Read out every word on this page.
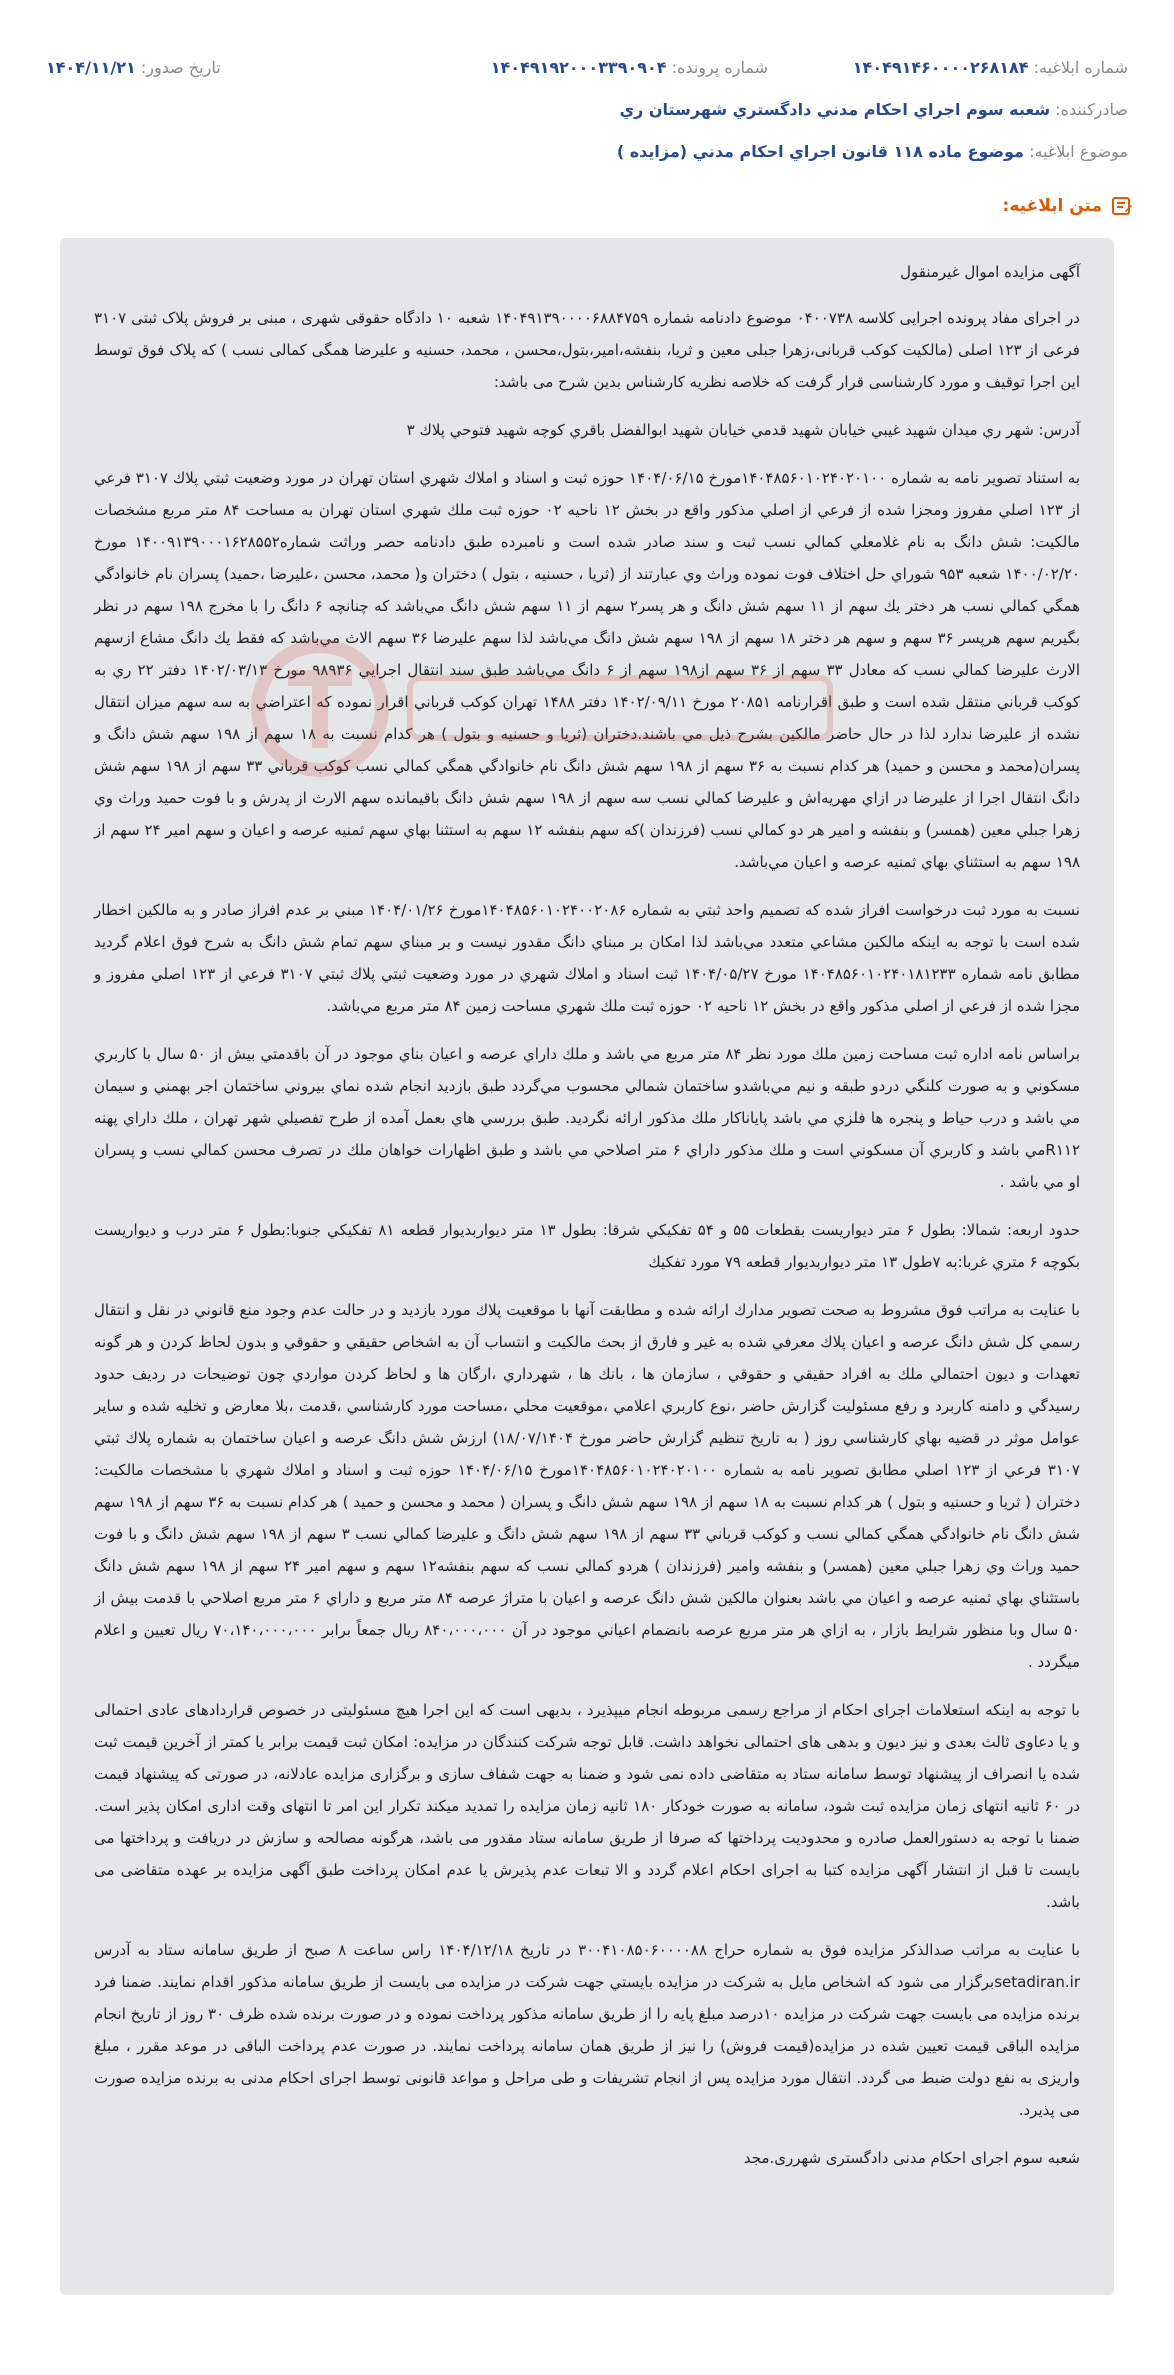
شماره ابلاغیه: ۱۴۰۴۹۱۴۶۰۰۰۰۲۶۸۱۸۴
شماره پرونده: ۱۴۰۴۹۱۹۲۰۰۰۳۳۹۰۹۰۴
تاریخ صدور: ۱۴۰۴/۱۱/۲۱
صادرکننده: شعبه سوم اجراي احكام مدني دادگستري شهرستان ري
موضوع ابلاغیه: موضوع ماده ۱۱۸ قانون اجراي احكام مدني (مزايده )
متن ابلاغیه:

آگهی مزایده اموال غیرمنقول

در اجرای مفاد پرونده اجرایی کلاسه ۰۴۰۰۷۳۸ موضوع دادنامه شماره ۱۴۰۴۹۱۳۹۰۰۰۰۶۸۸۴۷۵۹ شعبه ۱۰ دادگاه حقوقی شهری ، مبنی بر فروش پلاک ثبتی ۳۱۰۷ فرعی از ۱۲۳ اصلی (مالکیت کوکب قربانی،زهرا جبلی معین و ثریا، بنفشه،امیر،بتول،محسن ، محمد، حسنیه و علیرضا همگی کمالی نسب ) که پلاک فوق توسط این اجرا توقیف و مورد کارشناسی قرار گرفت که خلاصه نظریه کارشناس بدین شرح می باشد:

آدرس: شهر ري ميدان شهيد غيبي خيابان شهيد قدمي خيابان شهيد ابوالفضل باقري كوچه شهيد فتوحي پلاك ۳

به استناد تصوير نامه به شماره ۱۴۰۴۸۵۶۰۱۰۲۴۰۲۰۱۰۰مورخ ۱۴۰۴/۰۶/۱۵ حوزه ثبت و اسناد و املاك شهري استان تهران در مورد وضعيت ثبتي پلاك ۳۱۰۷ فرعي از ۱۲۳ اصلي مفروز ومجزا شده از فرعي از اصلي مذكور واقع در بخش ۱۲ ناحيه ۰۲ حوزه ثبت ملك شهري استان تهران به مساحت ۸۴ متر مربع مشخصات مالكيت: شش دانگ به نام غلامعلي كمالي نسب ثبت و سند صادر شده است و نامبرده طبق دادنامه حصر وراثت شماره۱۴۰۰۹۱۳۹۰۰۰۱۶۲۸۵۵۲ مورخ ۱۴۰۰/۰۲/۲۰ شعبه ۹۵۳ شوراي حل اختلاف فوت نموده وراث وي عبارتند از (ثريا ، حسنيه ، بتول ) دختران و( محمد، محسن ،عليرضا ،حميد) پسران نام خانوادگي همگي كمالي نسب هر دختر يك سهم از ۱۱ سهم شش دانگ و هر پسر۲ سهم از ۱۱ سهم شش دانگ مي‌باشد كه چنانچه ۶ دانگ را با مخرج ۱۹۸ سهم در نظر بگيريم سهم هرپسر ۳۶ سهم و سهم هر دختر ۱۸ سهم از ۱۹۸ سهم شش دانگ مي‌باشد لذا سهم عليرضا ۳۶ سهم الاث مي‌باشد كه فقط يك دانگ مشاع ازسهم الارث عليرضا كمالي نسب كه معادل ۳۳ سهم از ۳۶ سهم از۱۹۸ سهم از ۶ دانگ مي‌باشد طبق سند انتقال اجرايي ۹۸۹۳۶ مورخ ۱۴۰۲/۰۳/۱۳ دفتر ۲۲ ري به كوكب قرباني منتقل شده است و طبق اقرارنامه ۲۰۸۵۱ مورخ ۱۴۰۲/۰۹/۱۱ دفتر ۱۴۸۸ تهران كوكب قرباني اقرار نموده كه اعتراضي به سه سهم ميزان انتقال نشده از عليرضا ندارد لذا در حال حاضر مالكين بشرح ذيل مي باشند.دختران (ثريا و حسنيه و بتول ) هر كدام نسبت به ۱۸ سهم از ۱۹۸ سهم شش دانگ و پسران(محمد و محسن و حميد) هر كدام نسبت به ۳۶ سهم از ۱۹۸ سهم شش دانگ نام خانوادگي همگي كمالي نسب كوكب قرباني ۳۳ سهم از ۱۹۸ سهم شش دانگ انتقال اجرا از عليرضا در ازاي مهريه‌اش و عليرضا كمالي نسب سه سهم از ۱۹۸ سهم شش دانگ باقيمانده سهم الارث از پدرش و با فوت حميد وراث وي زهرا جبلي معين (همسر) و بنفشه و امير هر دو كمالي نسب (فرزندان )كه سهم بنفشه ۱۲ سهم به استثنا بهاي سهم ثمنيه عرصه و اعيان و سهم امير ۲۴ سهم از ۱۹۸ سهم به استثناي بهاي ثمنيه عرصه و اعيان مي‌باشد.

نسبت به مورد ثبت درخواست افراز شده كه تصميم واحد ثبتي به شماره ۱۴۰۴۸۵۶۰۱۰۲۴۰۰۲۰۸۶مورخ ۱۴۰۴/۰۱/۲۶ مبني بر عدم افراز صادر و به مالكين اخطار شده است با توجه به اينكه مالكين مشاعي متعدد مي‌باشد لذا امكان بر مبناي دانگ مقدور نيست و بر مبناي سهم تمام شش دانگ به شرح فوق اعلام گرديد مطابق نامه شماره ۱۴۰۴۸۵۶۰۱۰۲۴۰۱۸۱۲۳۳ مورخ ۱۴۰۴/۰۵/۲۷ ثبت اسناد و املاك شهري در مورد وضعيت ثبتي پلاك ثبتي ۳۱۰۷ فرعي از ۱۲۳ اصلي مفروز و مجزا شده از فرعي از اصلي مذكور واقع در بخش ۱۲ ناحيه ۰۲ حوزه ثبت ملك شهري مساحت زمين ۸۴ متر مربع مي‌باشد.

براساس نامه اداره ثبت مساحت زمين ملك مورد نظر ۸۴ متر مربع مي باشد و ملك داراي عرصه و اعيان بناي موجود در آن باقدمتي بيش از ۵۰ سال با كاربري مسكوني و به صورت كلنگي دردو طبقه و نيم مي‌باشدو ساختمان شمالي محسوب مي‌گردد طبق بازديد انجام شده نماي بيروني ساختمان اجر بهمني و سيمان مي باشد و درب حياط و پنجره ها فلزي مي باشد پاياناكار ملك مذكور ارائه نگرديد. طبق بررسي هاي بعمل آمده از طرح تفصيلي شهر تهران ، ملك داراي پهنه R۱۱۲مي باشد و كاربري آن مسكوني است و ملك مذكور داراي ۶ متر اصلاحي مي باشد و طبق اظهارات خواهان ملك در تصرف محسن كمالي نسب و پسران او مي باشد .

حدود اربعه: شمالا: بطول ۶ متر ديواريست بقطعات ۵۵ و ۵۴ تفكيكي شرقا: بطول ۱۳ متر ديواربديوار قطعه ۸۱ تفكيكي جنوبا:بطول ۶ متر درب و ديواريست بكوچه ۶ متري غربا:به ۷طول ۱۳ متر ديواربديوار قطعه ۷۹ مورد تفكيك

با عنايت به مراتب فوق مشروط به صحت تصوير مدارك ارائه شده و مطابقت آنها با موقعيت پلاك مورد بازديد و در حالت عدم وجود منع قانوني در نقل و انتقال رسمي كل شش دانگ عرصه و اعيان پلاك معرفي شده به غير و فارق از بحث مالكيت و انتساب آن به اشخاص حقيقي و حقوقي و بدون لحاظ كردن و هر گونه تعهدات و ديون احتمالي ملك به افراد حقيقي و حقوقي ، سازمان ها ، بانك ها ، شهرداري ،ارگان ها و لحاظ كردن مواردي چون توضيحات در رديف حدود رسيدگي و دامنه كاربرد و رفع مسئوليت گزارش حاضر ،نوع كاربري اعلامي ،موقعيت محلي ،مساحت مورد كارشناسي ،قدمت ،بلا معارض و تخليه شده و ساير عوامل موثر در قضيه بهاي كارشناسي روز ( به تاريخ تنظيم گزارش حاضر مورخ ۱۸/۰۷/۱۴۰۴) ارزش شش دانگ عرصه و اعيان ساختمان به شماره پلاك ثبتي ۳۱۰۷ فرعي از ۱۲۳ اصلي مطابق تصوير نامه به شماره ۱۴۰۴۸۵۶۰۱۰۲۴۰۲۰۱۰۰مورخ ۱۴۰۴/۰۶/۱۵ حوزه ثبت و اسناد و املاك شهري با مشخصات مالكيت: دختران ( ثريا و حسنيه و بتول ) هر كدام نسبت به ۱۸ سهم از ۱۹۸ سهم شش دانگ و پسران ( محمد و محسن و حميد ) هر كدام نسبت به ۳۶ سهم از ۱۹۸ سهم شش دانگ نام خانوادگي همگي كمالي نسب و كوكب قرباني ۳۳ سهم از ۱۹۸ سهم شش دانگ و عليرضا كمالي نسب ۳ سهم از ۱۹۸ سهم شش دانگ و با فوت حميد وراث وي زهرا جبلي معين (همسر) و بنفشه وامير (فرزندان ) هردو كمالي نسب كه سهم بنفشه۱۲ سهم و سهم امير ۲۴ سهم از ۱۹۸ سهم شش دانگ باستثناي بهاي ثمنيه عرصه و اعيان مي باشد بعنوان مالكين شش دانگ عرصه و اعيان با متراژ عرصه ۸۴ متر مربع و داراي ۶ متر مربع اصلاحي با قدمت بيش از ۵۰ سال وبا منظور شرايط بازار ، به ازاي هر متر مربع عرصه بانضمام اعياني موجود در آن ۸۴۰،۰۰۰،۰۰۰ ريال جمعاً برابر ۷۰،۱۴۰،۰۰۰،۰۰۰ ريال تعيين و اعلام ميگردد .

با توجه به اینکه استعلامات اجرای احکام از مراجع رسمی مربوطه انجام میپذیرد ، بدیهی است که این اجرا هیچ مسئولیتی در خصوص قراردادهای عادی احتمالی و یا دعاوی ثالث بعدی و نیز دیون و بدهی های احتمالی نخواهد داشت. قابل توجه شرکت کنندگان در مزایده: امکان ثبت قیمت برابر یا کمتر از آخرین قیمت ثبت شده یا انصراف از پیشنهاد توسط سامانه ستاد به متقاضی داده نمی شود و ضمنا به جهت شفاف سازی و برگزاری مزایده عادلانه، در صورتی که پیشنهاد قیمت در ۶۰ ثانیه انتهای زمان مزایده ثبت شود، سامانه به صورت خودکار ۱۸۰ ثانیه زمان مزایده را تمدید میکند تکرار این امر تا انتهای وقت اداری امکان پذیر است. ضمنا با توجه به دستورالعمل صادره و محدودیت پرداختها که صرفا از طریق سامانه ستاد مقدور می باشد، هرگونه مصالحه و سازش در دریافت و پرداختها می بایست تا قبل از انتشار آگهی مزایده کتبا به اجرای احکام اعلام گردد و الا تبعات عدم پذیرش یا عدم امکان پرداخت طبق آگهی مزایده بر عهده متقاضی می باشد.

با عنایت به مراتب صدالذکر مزایده فوق به شماره حراج ۳۰۰۴۱۰۸۵۰۶۰۰۰۰۸۸ در تاریخ ۱۴۰۴/۱۲/۱۸ راس ساعت ۸ صبح از طریق سامانه ستاد به آدرس setadiran.irبرگزار می شود که اشخاص مایل به شرکت در مزایده بایستي جهت شرکت در مزایده می بایست از طریق سامانه مذکور اقدام نمایند. ضمنا فرد برنده مزایده می بایست جهت شرکت در مزایده ۱۰درصد مبلغ پایه را از طریق سامانه مذکور پرداخت نموده و در صورت برنده شده ظرف ۳۰ روز از تاریخ انجام مزایده الباقی قیمت تعیین شده در مزایده(قیمت فروش) را نیز از طریق همان سامانه پرداخت نمایند. در صورت عدم پرداخت الباقی در موعد مقرر ، مبلغ واریزی به نفع دولت ضبط می گردد. انتقال مورد مزایده پس از انجام تشریفات و طی مراحل و مواعد قانونی توسط اجرای احکام مدنی به برنده مزایده صورت می پذیرد.

شعبه سوم اجرای احکام مدنی دادگستری شهرری.مجد
